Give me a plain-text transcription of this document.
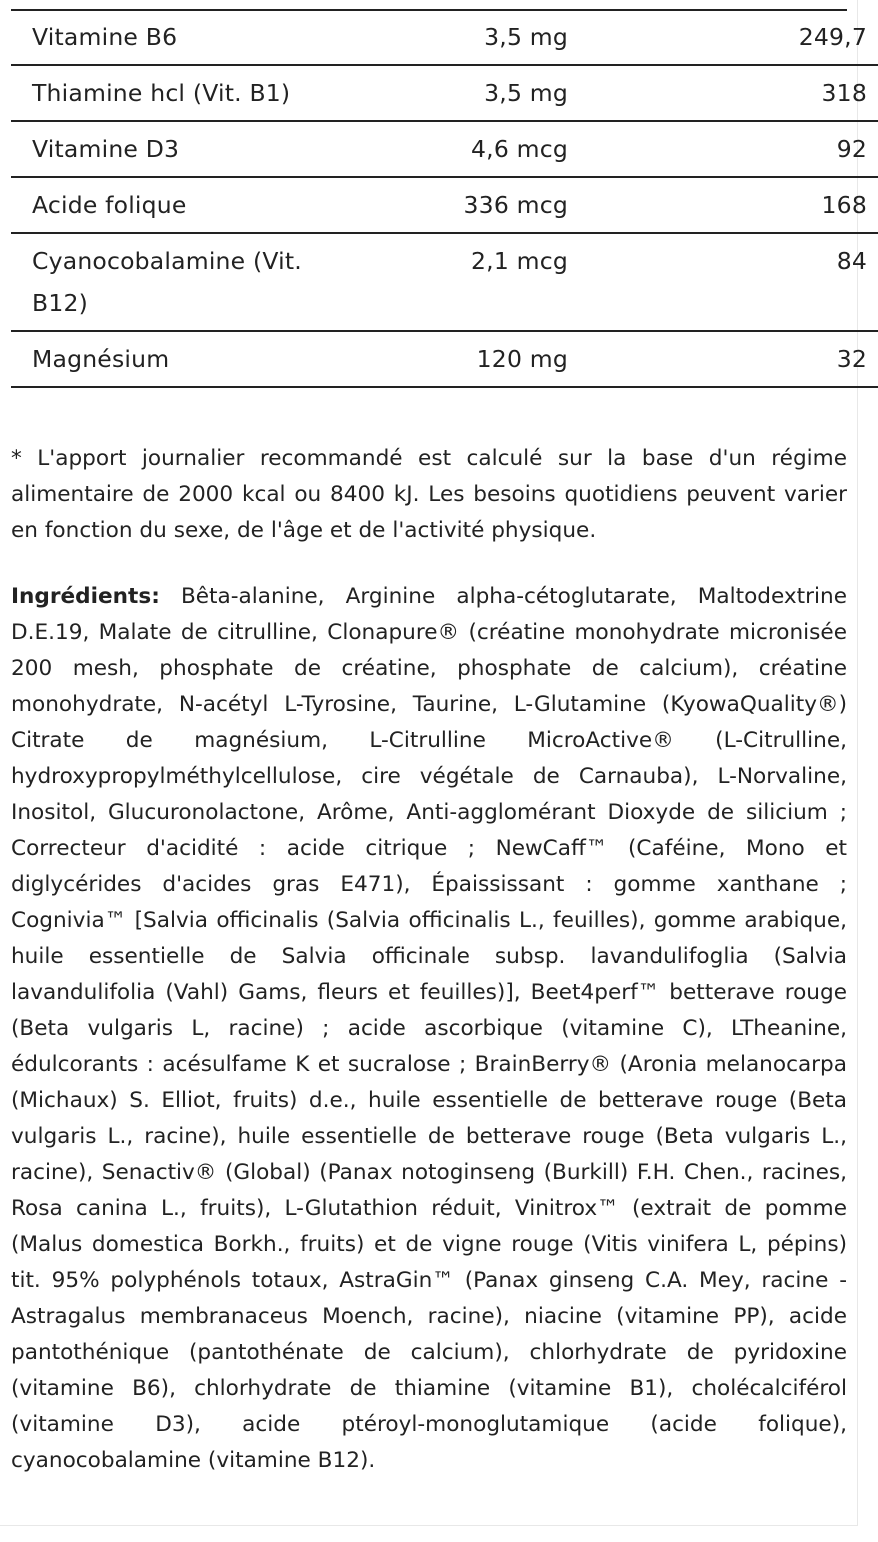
Vitamine B6	3,5 mg	249,7
Thiamine hcl (Vit. B1)	3,5 mg	318
Vitamine D3	4,6 mcg	92
Acide folique	336 mcg	168
Cyanocobalamine (Vit. B12)	2,1 mcg	84
Magnésium	120 mg	32

* L'apport journalier recommandé est calculé sur la base d'un régime alimentaire de 2000 kcal ou 8400 kJ. Les besoins quotidiens peuvent varier en fonction du sexe, de l'âge et de l'activité physique.

Ingrédients: Bêta-alanine, Arginine alpha-cétoglutarate, Maltodextrine D.E.19, Malate de citrulline, Clonapure® (créatine monohydrate micronisée 200 mesh, phosphate de créatine, phosphate de calcium), créatine monohydrate, N-acétyl L-Tyrosine, Taurine, L-Glutamine (KyowaQuality®) Citrate de magnésium, L-Citrulline MicroActive® (L-Citrulline, hydroxypropylméthylcellulose, cire végétale de Carnauba), L-Norvaline, Inositol, Glucuronolactone, Arôme, Anti-agglomérant Dioxyde de silicium ; Correcteur d'acidité : acide citrique ; NewCaff™ (Caféine, Mono et diglycérides d'acides gras E471), Épaississant : gomme xanthane ; Cognivia™ [Salvia officinalis (Salvia officinalis L., feuilles), gomme arabique, huile essentielle de Salvia officinale subsp. lavandulifoglia (Salvia lavandulifolia (Vahl) Gams, fleurs et feuilles)], Beet4perf™ betterave rouge (Beta vulgaris L, racine) ; acide ascorbique (vitamine C), LTheanine, édulcorants : acésulfame K et sucralose ; BrainBerry® (Aronia melanocarpa (Michaux) S. Elliot, fruits) d.e., huile essentielle de betterave rouge (Beta vulgaris L., racine), huile essentielle de betterave rouge (Beta vulgaris L., racine), Senactiv® (Global) (Panax notoginseng (Burkill) F.H. Chen., racines, Rosa canina L., fruits), L-Glutathion réduit, Vinitrox™ (extrait de pomme (Malus domestica Borkh., fruits) et de vigne rouge (Vitis vinifera L, pépins) tit. 95% polyphénols totaux, AstraGin™ (Panax ginseng C.A. Mey, racine - Astragalus membranaceus Moench, racine), niacine (vitamine PP), acide pantothénique (pantothénate de calcium), chlorhydrate de pyridoxine (vitamine B6), chlorhydrate de thiamine (vitamine B1), cholécalciférol (vitamine D3), acide ptéroyl-monoglutamique (acide folique), cyanocobalamine (vitamine B12).
